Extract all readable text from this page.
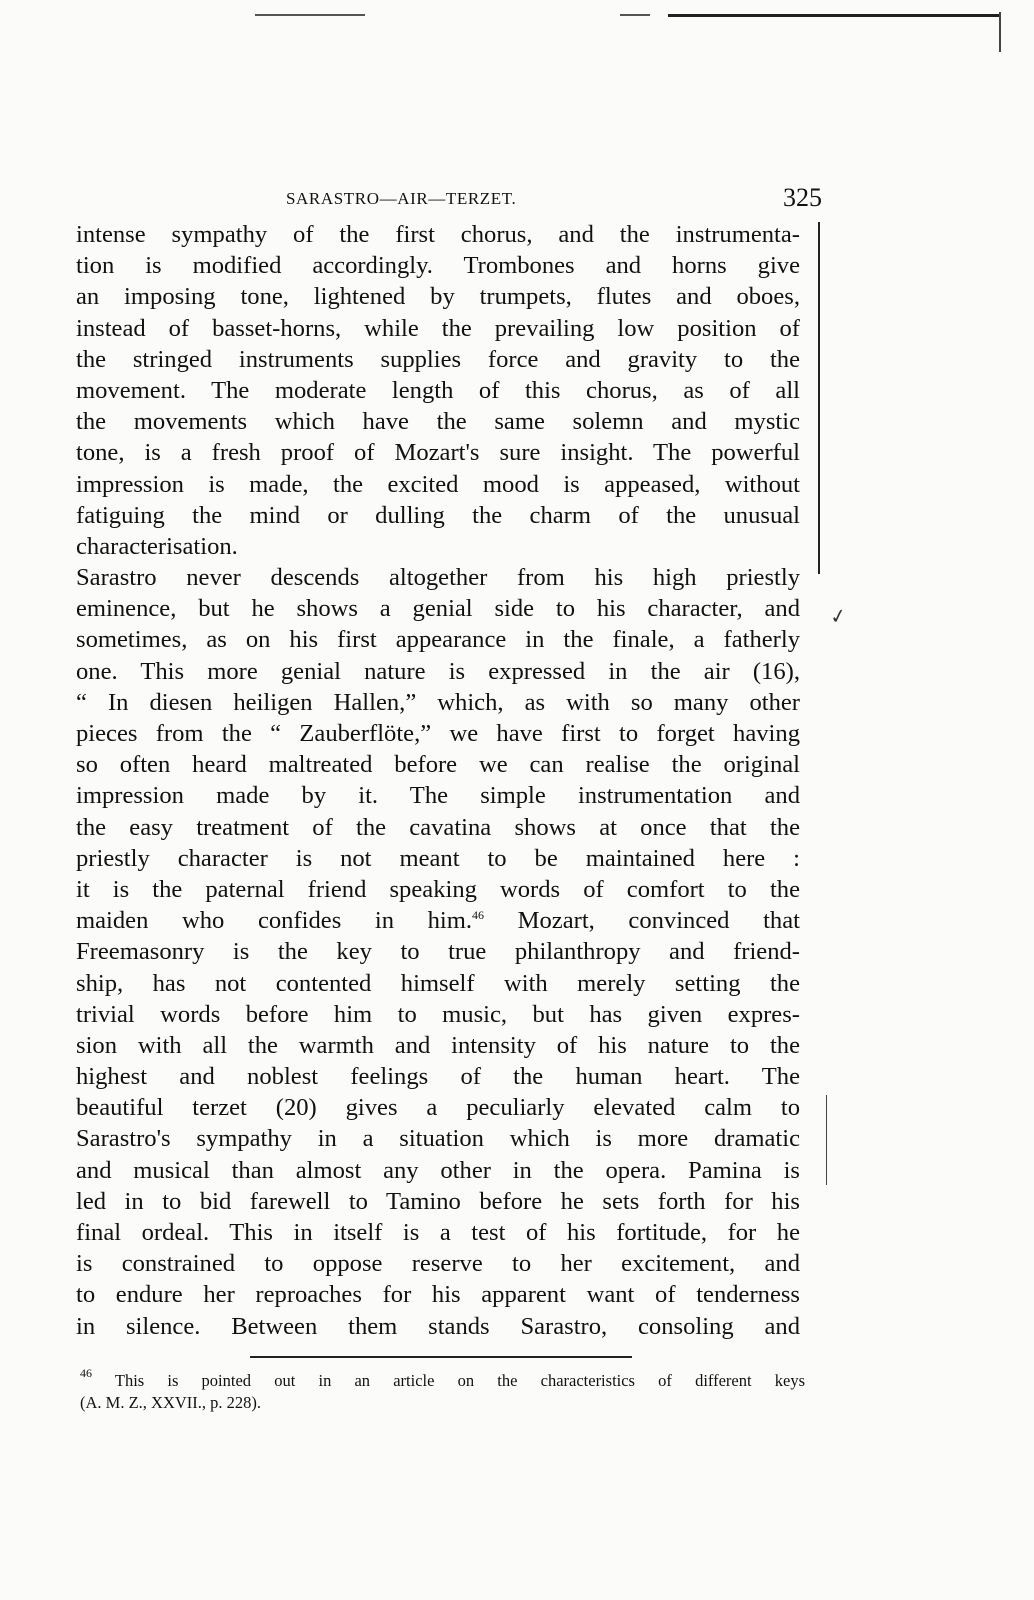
SARASTRO—AIR—TERZET.	325
intense sympathy of the first chorus, and the instrumenta-
tion is modified accordingly. Trombones and horns give
an imposing tone, lightened by trumpets, flutes and oboes,
instead of basset-horns, while the prevailing low position of
the stringed instruments supplies force and gravity to the
movement. The moderate length of this chorus, as of all
the movements which have the same solemn and mystic
tone, is a fresh proof of Mozart's sure insight. The powerful
impression is made, the excited mood is appeased, without
fatiguing the mind or dulling the charm of the unusual
characterisation.
Sarastro never descends altogether from his high priestly
eminence, but he shows a genial side to his character, and
sometimes, as on his first appearance in the finale, a fatherly
one. This more genial nature is expressed in the air (16),
“ In diesen heiligen Hallen,” which, as with so many other
pieces from the “ Zauberflöte,” we have first to forget having
so often heard maltreated before we can realise the original
impression made by it. The simple instrumentation and
the easy treatment of the cavatina shows at once that the
priestly character is not meant to be maintained here :
it is the paternal friend speaking words of comfort to the
maiden who confides in him.$^{46}$ Mozart, convinced that
Freemasonry is the key to true philanthropy and friend-
ship, has not contented himself with merely setting the
trivial words before him to music, but has given expres-
sion with all the warmth and intensity of his nature to the
highest and noblest feelings of the human heart. The
beautiful terzet (20) gives a peculiarly elevated calm to
Sarastro's sympathy in a situation which is more dramatic
and musical than almost any other in the opera. Pamina is
led in to bid farewell to Tamino before he sets forth for his
final ordeal. This in itself is a test of his fortitude, for he
is constrained to oppose reserve to her excitement, and
to endure her reproaches for his apparent want of tenderness
in silence. Between them stands Sarastro, consoling and
✓
$^{46}$ This is pointed out in an article on the characteristics of different keys
(A. M. Z., XXVII., p. 228).
